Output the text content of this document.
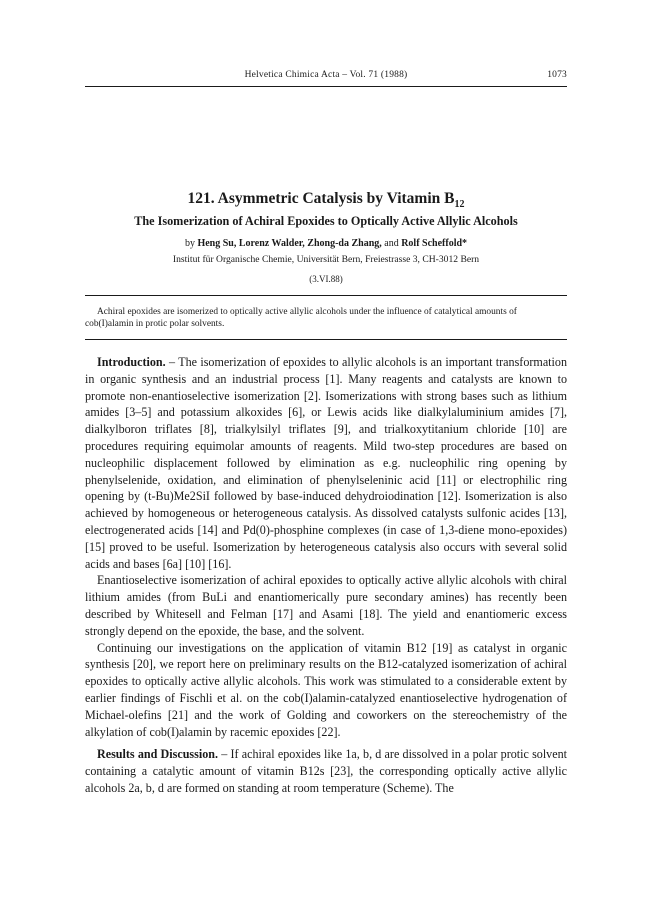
Helvetica Chimica Acta – Vol. 71 (1988)	1073
121. Asymmetric Catalysis by Vitamin $B_{12}$
The Isomerization of Achiral Epoxides to Optically Active Allylic Alcohols
by Heng Su, Lorenz Walder, Zhong-da Zhang, and Rolf Scheffold*
Institut für Organische Chemie, Universität Bern, Freiestrasse 3, CH-3012 Bern
(3.VI.88)

Achiral epoxides are isomerized to optically active allylic alcohols under the influence of catalytical amounts of cob(I)alamin in protic polar solvents.

Introduction. – The isomerization of epoxides to allylic alcohols is an important transformation in organic synthesis and an industrial process [1]. Many reagents and catalysts are known to promote non-enantioselective isomerization [2]. Isomerizations with strong bases such as lithium amides [3–5] and potassium alkoxides [6], or Lewis acids like dialkylaluminium amides [7], dialkylboron triflates [8], trialkylsilyl triflates [9], and trialkoxytitanium chloride [10] are procedures requiring equimolar amounts of reagents. Mild two-step procedures are based on nucleophilic displacement followed by elimination as e.g. nucleophilic ring opening by phenylselenide, oxidation, and elimination of phenylseleninic acid [11] or electrophilic ring opening by (t-Bu)Me2SiI followed by base-induced dehydroiodination [12]. Isomerization is also achieved by homogeneous or heterogeneous catalysis. As dissolved catalysts sulfonic acides [13], electrogenerated acids [14] and Pd(0)-phosphine complexes (in case of 1,3-diene mono-epoxides) [15] proved to be useful. Isomerization by heterogeneous catalysis also occurs with several solid acids and bases [6a] [10] [16].

Enantioselective isomerization of achiral epoxides to optically active allylic alcohols with chiral lithium amides (from BuLi and enantiomerically pure secondary amines) has recently been described by Whitesell and Felman [17] and Asami [18]. The yield and enantiomeric excess strongly depend on the epoxide, the base, and the solvent.

Continuing our investigations on the application of vitamin B12 [19] as catalyst in organic synthesis [20], we report here on preliminary results on the B12-catalyzed isomerization of achiral epoxides to optically active allylic alcohols. This work was stimulated to a considerable extent by earlier findings of Fischli et al. on the cob(I)alamin-catalyzed enantioselective hydrogenation of Michael-olefins [21] and the work of Golding and coworkers on the stereochemistry of the alkylation of cob(I)alamin by racemic epoxides [22].

Results and Discussion. – If achiral epoxides like 1a, b, d are dissolved in a polar protic solvent containing a catalytic amount of vitamin B12s [23], the corresponding optically active allylic alcohols 2a, b, d are formed on standing at room temperature (Scheme). The
